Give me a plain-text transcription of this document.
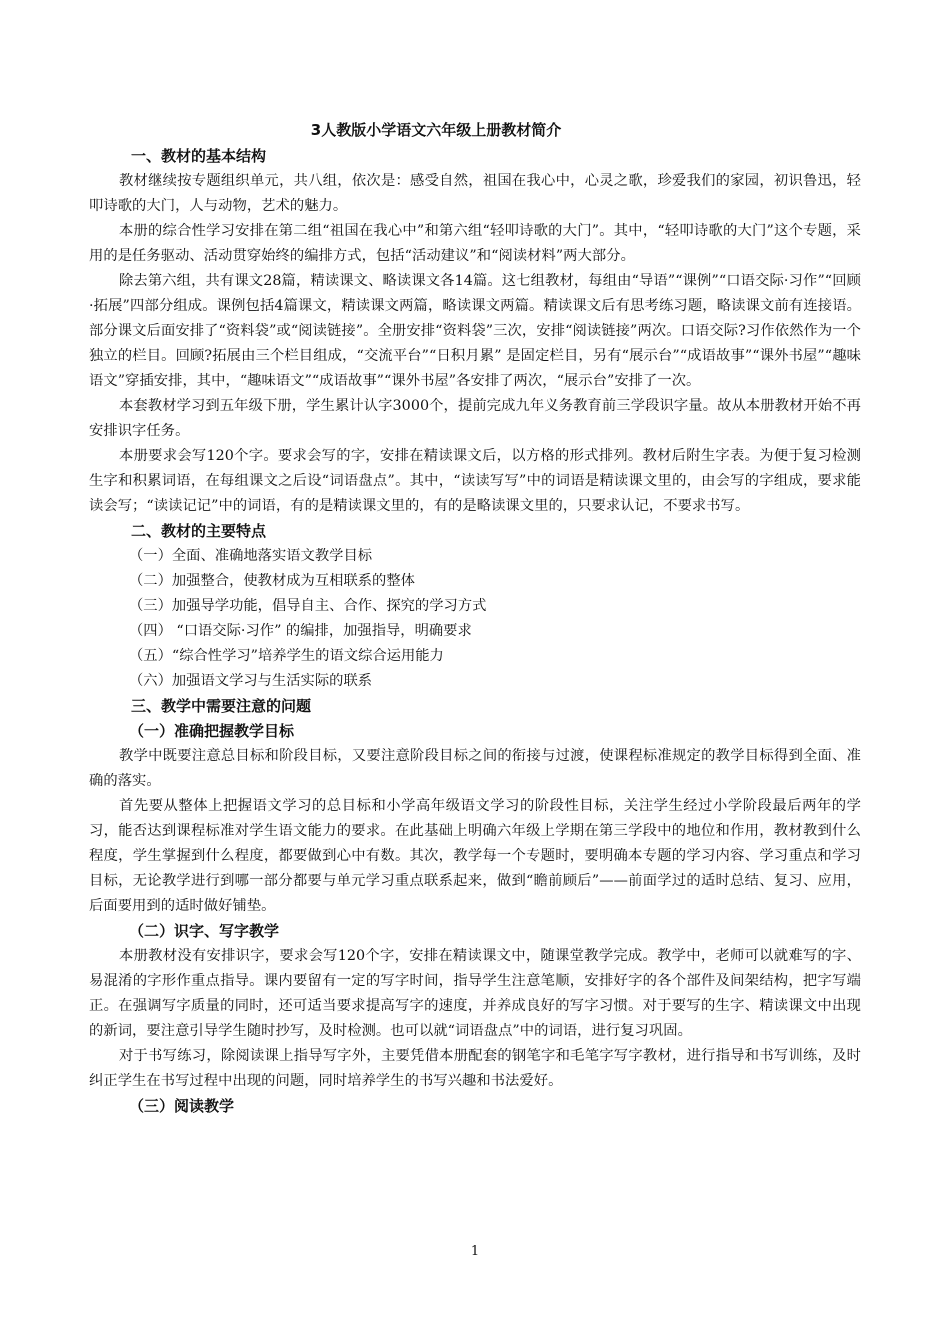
3人教版小学语文六年级上册教材简介
一、教材的基本结构

教材继续按专题组织单元，共八组，依次是：感受自然，祖国在我心中，心灵之歌，珍爱我们的家园，初识鲁迅，轻叩诗歌的大门，人与动物，艺术的魅力。

本册的综合性学习安排在第二组“祖国在我心中”和第六组“轻叩诗歌的大门”。其中，“轻叩诗歌的大门”这个专题，采用的是任务驱动、活动贯穿始终的编排方式，包括“活动建议”和“阅读材料”两大部分。

除去第六组，共有课文28篇，精读课文、略读课文各14篇。这七组教材，每组由“导语”“课例”“口语交际·习作”“回顾·拓展”四部分组成。课例包括4篇课文，精读课文两篇，略读课文两篇。精读课文后有思考练习题，略读课文前有连接语。部分课文后面安排了“资料袋”或“阅读链接”。全册安排“资料袋”三次，安排“阅读链接”两次。口语交际?习作依然作为一个独立的栏目。回顾?拓展由三个栏目组成，“交流平台”“日积月累” 是固定栏目，另有“展示台”“成语故事”“课外书屋”“趣味语文”穿插安排，其中，“趣味语文”“成语故事”“课外书屋”各安排了两次，“展示台”安排了一次。

本套教材学习到五年级下册，学生累计认字3000个，提前完成九年义务教育前三学段识字量。故从本册教材开始不再安排识字任务。

本册要求会写120个字。要求会写的字，安排在精读课文后，以方格的形式排列。教材后附生字表。为便于复习检测生字和积累词语，在每组课文之后设“词语盘点”。其中，“读读写写”中的词语是精读课文里的，由会写的字组成，要求能读会写；“读读记记”中的词语，有的是精读课文里的，有的是略读课文里的，只要求认记，不要求书写。

二、教材的主要特点
（一）全面、准确地落实语文教学目标
（二）加强整合，使教材成为互相联系的整体
（三）加强导学功能，倡导自主、合作、探究的学习方式
（四） “口语交际·习作” 的编排，加强指导，明确要求
（五）“综合性学习”培养学生的语文综合运用能力
（六）加强语文学习与生活实际的联系
三、教学中需要注意的问题
（一）准确把握教学目标

教学中既要注意总目标和阶段目标，又要注意阶段目标之间的衔接与过渡，使课程标准规定的教学目标得到全面、准确的落实。

首先要从整体上把握语文学习的总目标和小学高年级语文学习的阶段性目标，关注学生经过小学阶段最后两年的学习，能否达到课程标准对学生语文能力的要求。在此基础上明确六年级上学期在第三学段中的地位和作用，教材教到什么程度，学生掌握到什么程度，都要做到心中有数。其次，教学每一个专题时，要明确本专题的学习内容、学习重点和学习目标，无论教学进行到哪一部分都要与单元学习重点联系起来，做到“瞻前顾后”——前面学过的适时总结、复习、应用，后面要用到的适时做好铺垫。

（二）识字、写字教学

本册教材没有安排识字，要求会写120个字，安排在精读课文中，随课堂教学完成。教学中，老师可以就难写的字、易混淆的字形作重点指导。课内要留有一定的写字时间，指导学生注意笔顺，安排好字的各个部件及间架结构，把字写端正。在强调写字质量的同时，还可适当要求提高写字的速度，并养成良好的写字习惯。对于要写的生字、精读课文中出现的新词，要注意引导学生随时抄写，及时检测。也可以就“词语盘点”中的词语，进行复习巩固。

对于书写练习，除阅读课上指导写字外，主要凭借本册配套的钢笔字和毛笔字写字教材，进行指导和书写训练，及时纠正学生在书写过程中出现的问题，同时培养学生的书写兴趣和书法爱好。

（三）阅读教学
1
